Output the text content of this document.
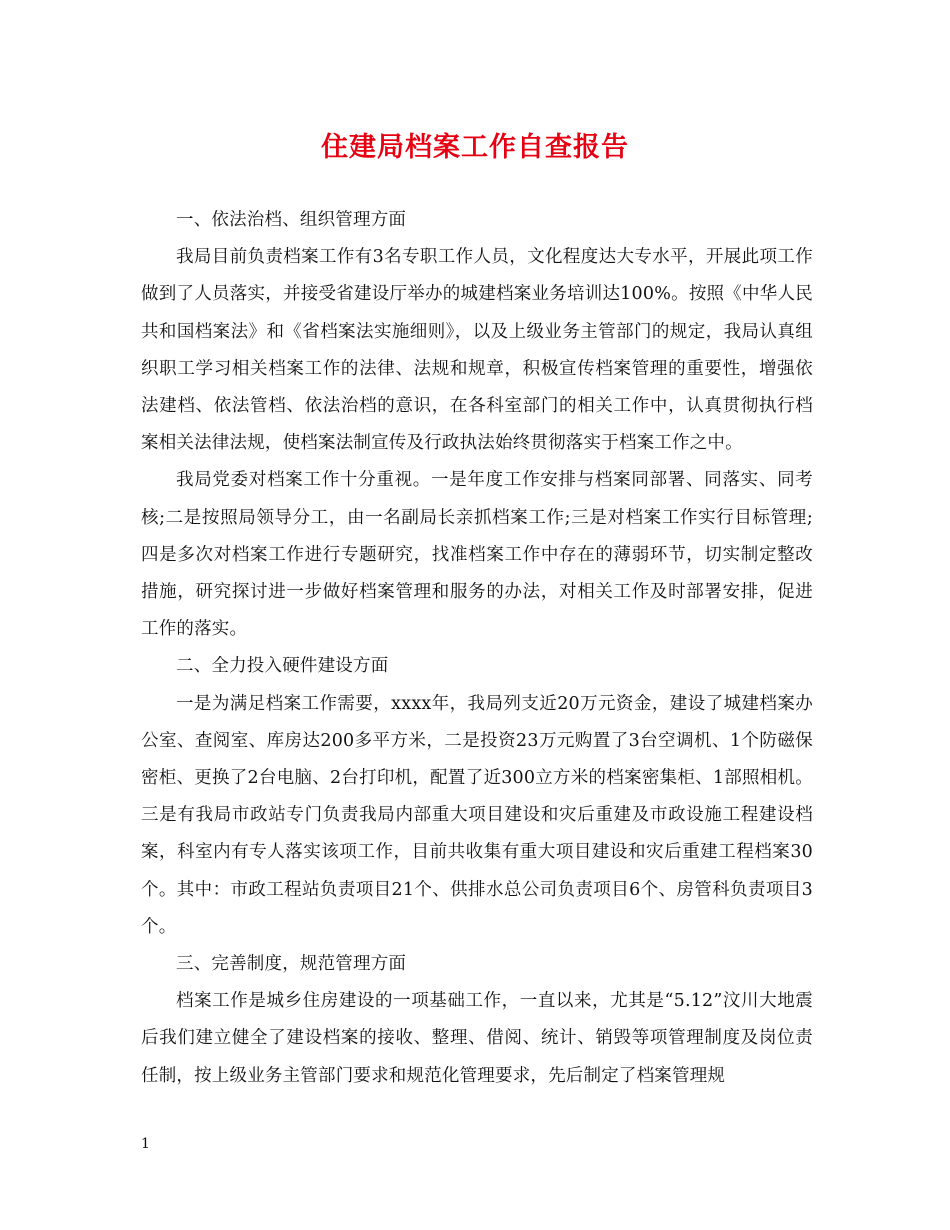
住建局档案工作自查报告

一、依法治档、组织管理方面

我局目前负责档案工作有3名专职工作人员，文化程度达大专水平，开展此项工作做到了人员落实，并接受省建设厅举办的城建档案业务培训达100%。按照《中华人民共和国档案法》和《省档案法实施细则》，以及上级业务主管部门的规定，我局认真组织职工学习相关档案工作的法律、法规和规章，积极宣传档案管理的重要性，增强依法建档、依法管档、依法治档的意识，在各科室部门的相关工作中，认真贯彻执行档案相关法律法规，使档案法制宣传及行政执法始终贯彻落实于档案工作之中。

我局党委对档案工作十分重视。一是年度工作安排与档案同部署、同落实、同考核;二是按照局领导分工，由一名副局长亲抓档案工作;三是对档案工作实行目标管理;四是多次对档案工作进行专题研究，找准档案工作中存在的薄弱环节，切实制定整改措施，研究探讨进一步做好档案管理和服务的办法，对相关工作及时部署安排，促进工作的落实。

二、全力投入硬件建设方面

一是为满足档案工作需要，xxxx年，我局列支近20万元资金，建设了城建档案办公室、查阅室、库房达200多平方米，二是投资23万元购置了3台空调机、1个防磁保密柜、更换了2台电脑、2台打印机，配置了近300立方米的档案密集柜、1部照相机。三是有我局市政站专门负责我局内部重大项目建设和灾后重建及市政设施工程建设档案，科室内有专人落实该项工作，目前共收集有重大项目建设和灾后重建工程档案30个。其中：市政工程站负责项目21个、供排水总公司负责项目6个、房管科负责项目3个。

三、完善制度，规范管理方面

档案工作是城乡住房建设的一项基础工作，一直以来，尤其是“5.12”汶川大地震后我们建立健全了建设档案的接收、整理、借阅、统计、销毁等项管理制度及岗位责任制，按上级业务主管部门要求和规范化管理要求，先后制定了档案管理规

1
